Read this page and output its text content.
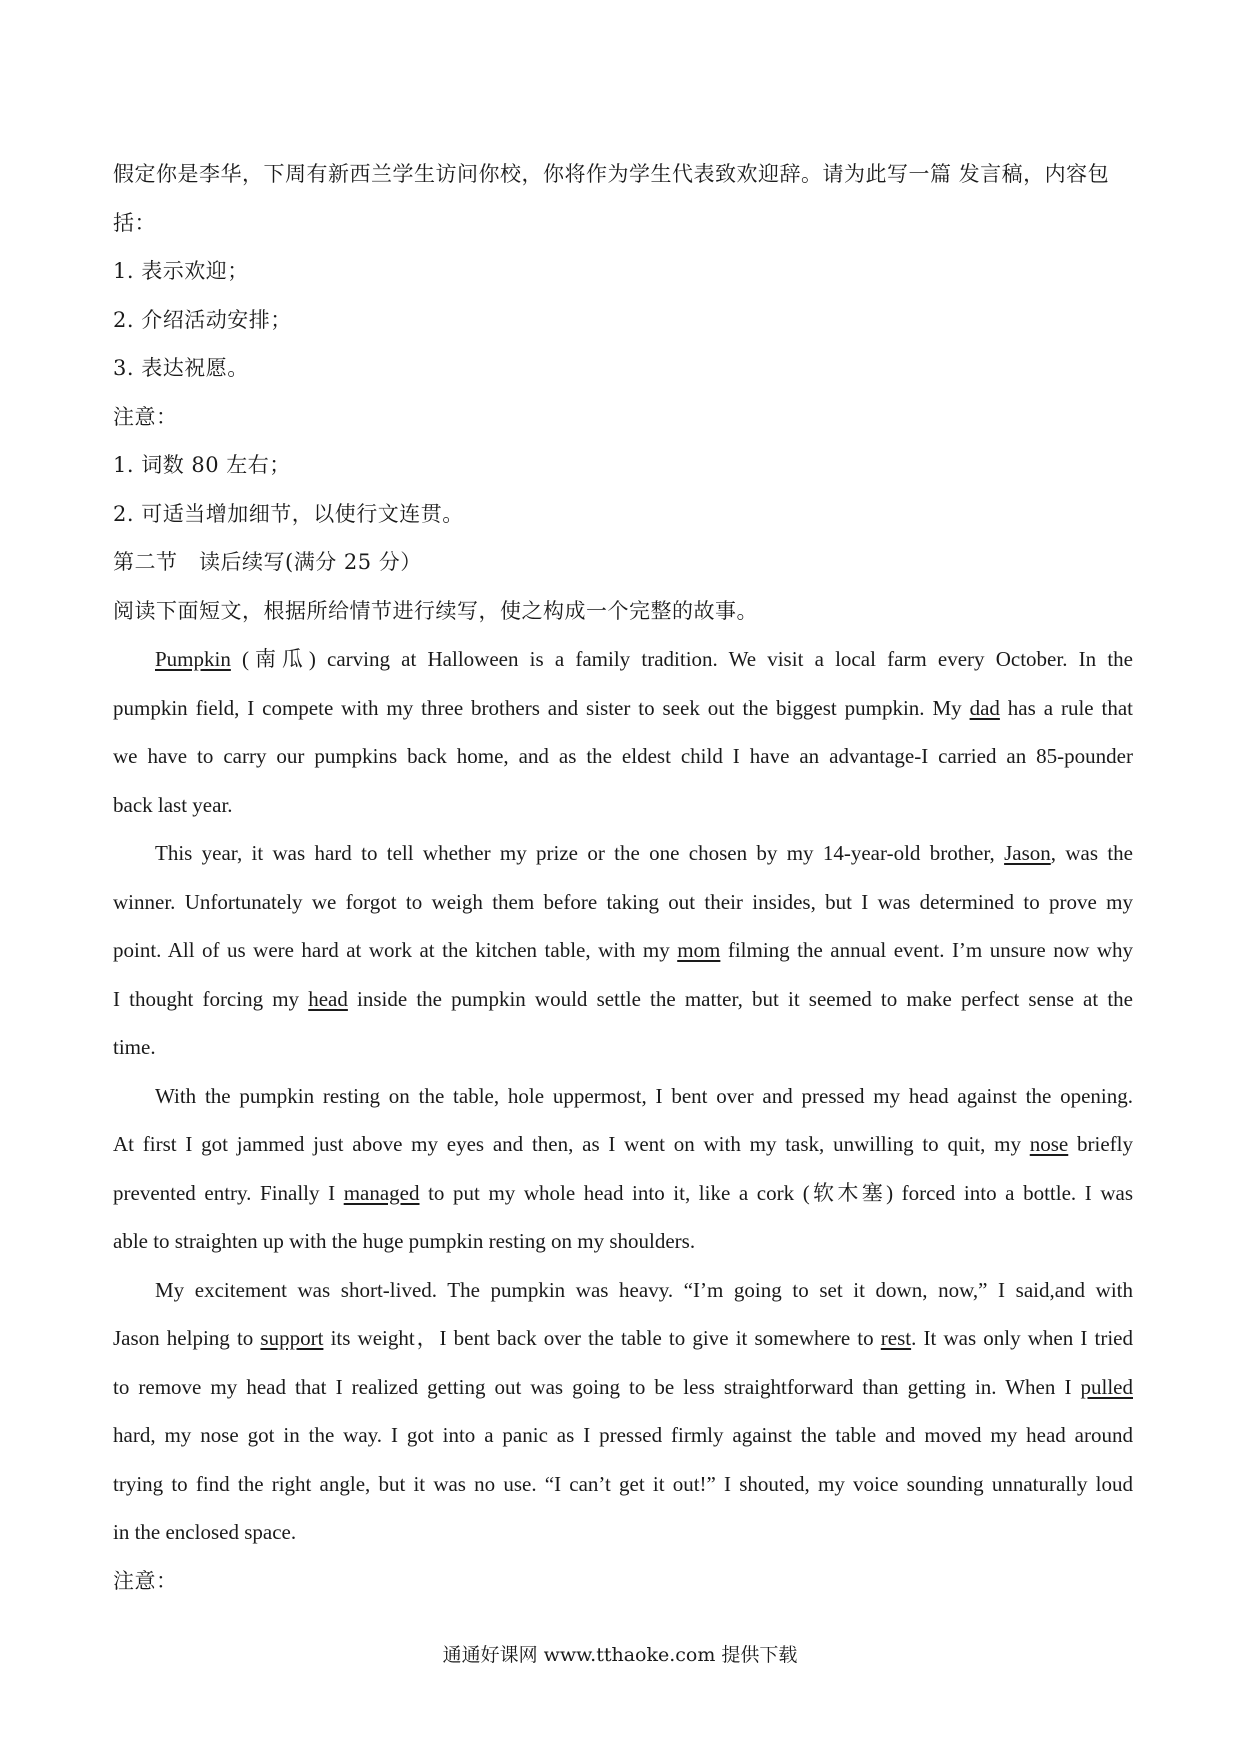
假定你是李华，下周有新西兰学生访问你校，你将作为学生代表致欢迎辞。请为此写一篇 发言稿，内容包
括：
1. 表示欢迎；
2. 介绍活动安排；
3. 表达祝愿。
注意：
1. 词数 80 左右；
2. 可适当增加细节，以使行文连贯。
第二节　读后续写(满分 25 分）
阅读下面短文，根据所给情节进行续写，使之构成一个完整的故事。
Pumpkin (南瓜) carving at Halloween is a family tradition. We visit a local farm every October. In the
pumpkin field, I compete with my three brothers and sister to seek out the biggest pumpkin. My dad has a rule that
we have to carry our pumpkins back home, and as the eldest child I have an advantage-I carried an 85-pounder
back last year.
This year, it was hard to tell whether my prize or the one chosen by my 14-year-old brother, Jason, was the
winner. Unfortunately we forgot to weigh them before taking out their insides, but I was determined to prove my
point. All of us were hard at work at the kitchen table, with my mom filming the annual event. I’m unsure now why
I thought forcing my head inside the pumpkin would settle the matter, but it seemed to make perfect sense at the
time.
With the pumpkin resting on the table, hole uppermost, I bent over and pressed my head against the opening.
At first I got jammed just above my eyes and then, as I went on with my task, unwilling to quit, my nose briefly
prevented entry. Finally I managed to put my whole head into it, like a cork (软木塞) forced into a bottle. I was
able to straighten up with the huge pumpkin resting on my shoulders.
My excitement was short-lived. The pumpkin was heavy. “I’m going to set it down, now,” I said,and with
Jason helping to support its weight，I bent back over the table to give it somewhere to rest. It was only when I tried
to remove my head that I realized getting out was going to be less straightforward than getting in. When I pulled
hard, my nose got in the way. I got into a panic as I pressed firmly against the table and moved my head around
trying to find the right angle, but it was no use. “I can’t get it out!” I shouted, my voice sounding unnaturally loud
in the enclosed space.
注意：
通通好课网 www.tthaoke.com 提供下载
